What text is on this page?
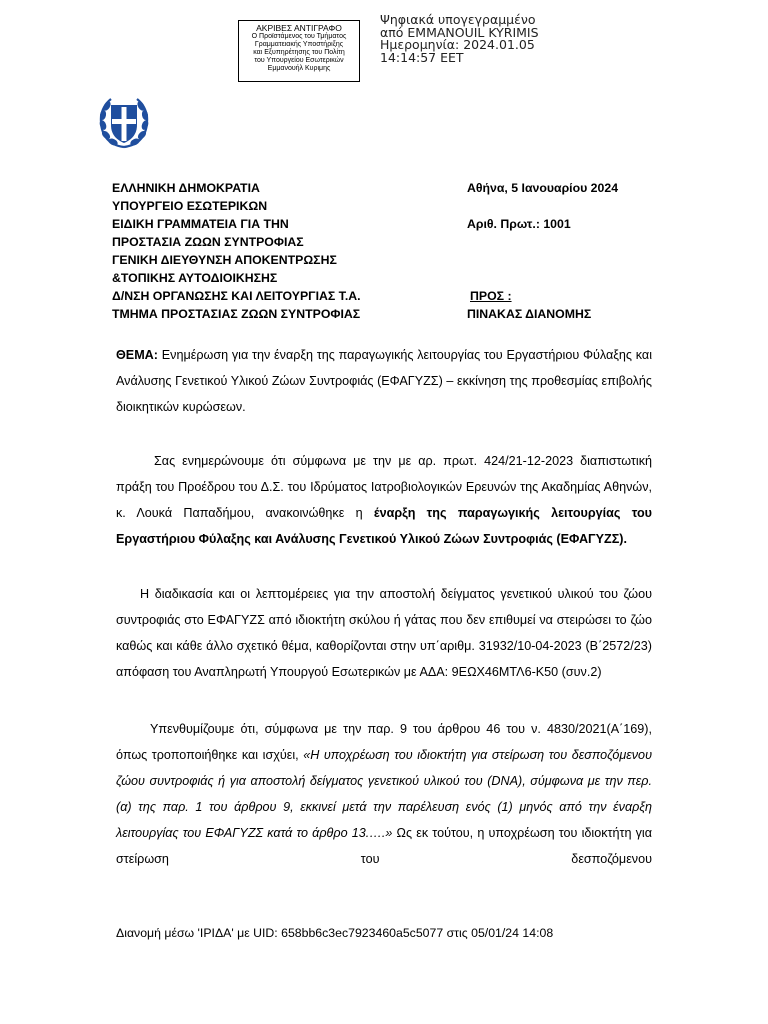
ΑΚΡΙΒΕΣ ΑΝΤΙΓΡΑΦΟ
Ο Προϊστάμενος του Τμήματος
Γραμματειακής Υποστήριξης
και Εξυπηρέτησης του Πολίτη
του Υπουργείου Εσωτερικών
Εμμανουήλ Κυριμης
Ψηφιακά υπογεγραμμένο
από EMMANOUIL KYRIMIS
Ημερομηνία: 2024.01.05
14:14:57 EET
ΕΛΛΗΝΙΚΗ ΔΗΜΟΚΡΑΤΙΑ
ΥΠΟΥΡΓΕΙΟ ΕΣΩΤΕΡΙΚΩΝ
ΕΙΔΙΚΗ ΓΡΑΜΜΑΤΕΙΑ ΓΙΑ ΤΗΝ
ΠΡΟΣΤΑΣΙΑ ΖΩΩΝ ΣΥΝΤΡΟΦΙΑΣ
ΓΕΝΙΚΗ ΔΙΕΥΘΥΝΣΗ ΑΠΟΚΕΝΤΡΩΣΗΣ
&ΤΟΠΙΚΗΣ ΑΥΤΟΔΙΟΙΚΗΣΗΣ
Δ/ΝΣΗ ΟΡΓΑΝΩΣΗΣ ΚΑΙ ΛΕΙΤΟΥΡΓΙΑΣ Τ.Α.
ΤΜΗΜΑ ΠΡΟΣΤΑΣΙΑΣ ΖΩΩΝ ΣΥΝΤΡΟΦΙΑΣ
Αθήνα, 5 Ιανουαρίου 2024
Αριθ. Πρωτ.: 1001
ΠΡΟΣ :
ΠΙΝΑΚΑΣ ΔΙΑΝΟΜΗΣ
ΘΕΜΑ: Ενημέρωση για την έναρξη της παραγωγικής λειτουργίας του Εργαστήριου Φύλαξης και Ανάλυσης Γενετικού Υλικού Ζώων Συντροφιάς (ΕΦΑΓΥΖΣ) – εκκίνηση της προθεσμίας επιβολής διοικητικών κυρώσεων.
Σας ενημερώνουμε ότι σύμφωνα με την με αρ. πρωτ. 424/21-12-2023 διαπιστωτική πράξη του Προέδρου του Δ.Σ. του Ιδρύματος Ιατροβιολογικών Ερευνών της Ακαδημίας Αθηνών, κ. Λουκά Παπαδήμου, ανακοινώθηκε η έναρξη της παραγωγικής λειτουργίας του Εργαστήριου Φύλαξης και Ανάλυσης Γενετικού Υλικού Ζώων Συντροφιάς (ΕΦΑΓΥΖΣ).
Η διαδικασία και οι λεπτομέρειες για την αποστολή δείγματος γενετικού υλικού του ζώου συντροφιάς στο ΕΦΑΓΥΖΣ από ιδιοκτήτη σκύλου ή γάτας που δεν επιθυμεί να στειρώσει το ζώο καθώς και κάθε άλλο σχετικό θέμα, καθορίζονται στην υπ΄αριθμ. 31932/10-04-2023 (Β΄2572/23) απόφαση του Αναπληρωτή Υπουργού Εσωτερικών με ΑΔΑ: 9ΕΩΧ46ΜΤΛ6-Κ50 (συν.2)
Υπενθυμίζουμε ότι, σύμφωνα με την παρ. 9 του άρθρου 46 του ν. 4830/2021(Α΄169), όπως τροποποιήθηκε και ισχύει, «Η υποχρέωση του ιδιοκτήτη για στείρωση του δεσποζόμενου ζώου συντροφιάς ή για αποστολή δείγματος γενετικού υλικού του (DNA), σύμφωνα με την περ. (α) της παρ. 1 του άρθρου 9, εκκινεί μετά την παρέλευση ενός (1) μηνός από την έναρξη λειτουργίας του ΕΦΑΓΥΖΣ κατά το άρθρο 13.….» Ως εκ τούτου, η υποχρέωση του ιδιοκτήτη για στείρωση του δεσποζόμενου
Διανομή μέσω 'ΙΡΙΔΑ' με UID: 658bb6c3ec7923460a5c5077 στις 05/01/24 14:08
